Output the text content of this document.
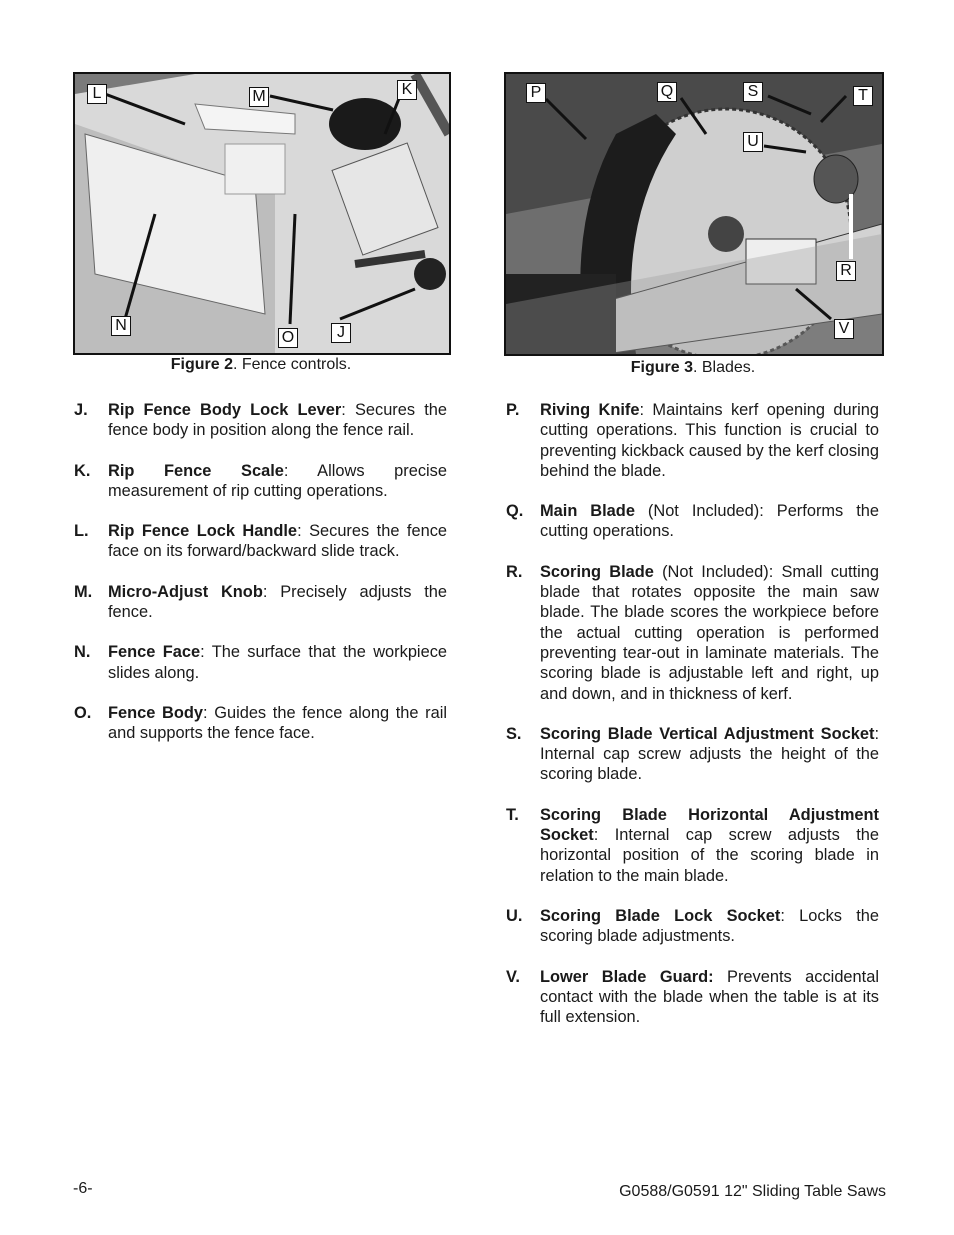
L	M	K
N
O	J
Figure 2. Fence controls.
P	Q	S	T
U
R
V
Figure 3. Blades.
J. Rip Fence Body Lock Lever: Secures the fence body in position along the fence rail.
K. Rip Fence Scale: Allows precise measurement of rip cutting operations.
L. Rip Fence Lock Handle: Secures the fence face on its forward/backward slide track.
M. Micro-Adjust Knob: Precisely adjusts the fence.
N. Fence Face: The surface that the workpiece slides along.
O. Fence Body: Guides the fence along the rail and supports the fence face.
P. Riving Knife: Maintains kerf opening during cutting operations. This function is crucial to preventing kickback caused by the kerf closing behind the blade.
Q. Main Blade (Not Included): Performs the cutting operations.
R. Scoring Blade (Not Included): Small cutting blade that rotates opposite the main saw blade. The blade scores the workpiece before the actual cutting operation is performed preventing tear-out in laminate materials. The scoring blade is adjustable left and right, up and down, and in thickness of kerf.
S. Scoring Blade Vertical Adjustment Socket: Internal cap screw adjusts the height of the scoring blade.
T. Scoring Blade Horizontal Adjustment Socket: Internal cap screw adjusts the horizontal position of the scoring blade in relation to the main blade.
U. Scoring Blade Lock Socket: Locks the scoring blade adjustments.
V. Lower Blade Guard: Prevents accidental contact with the blade when the table is at its full extension.
-6-	G0588/G0591 12" Sliding Table Saws
